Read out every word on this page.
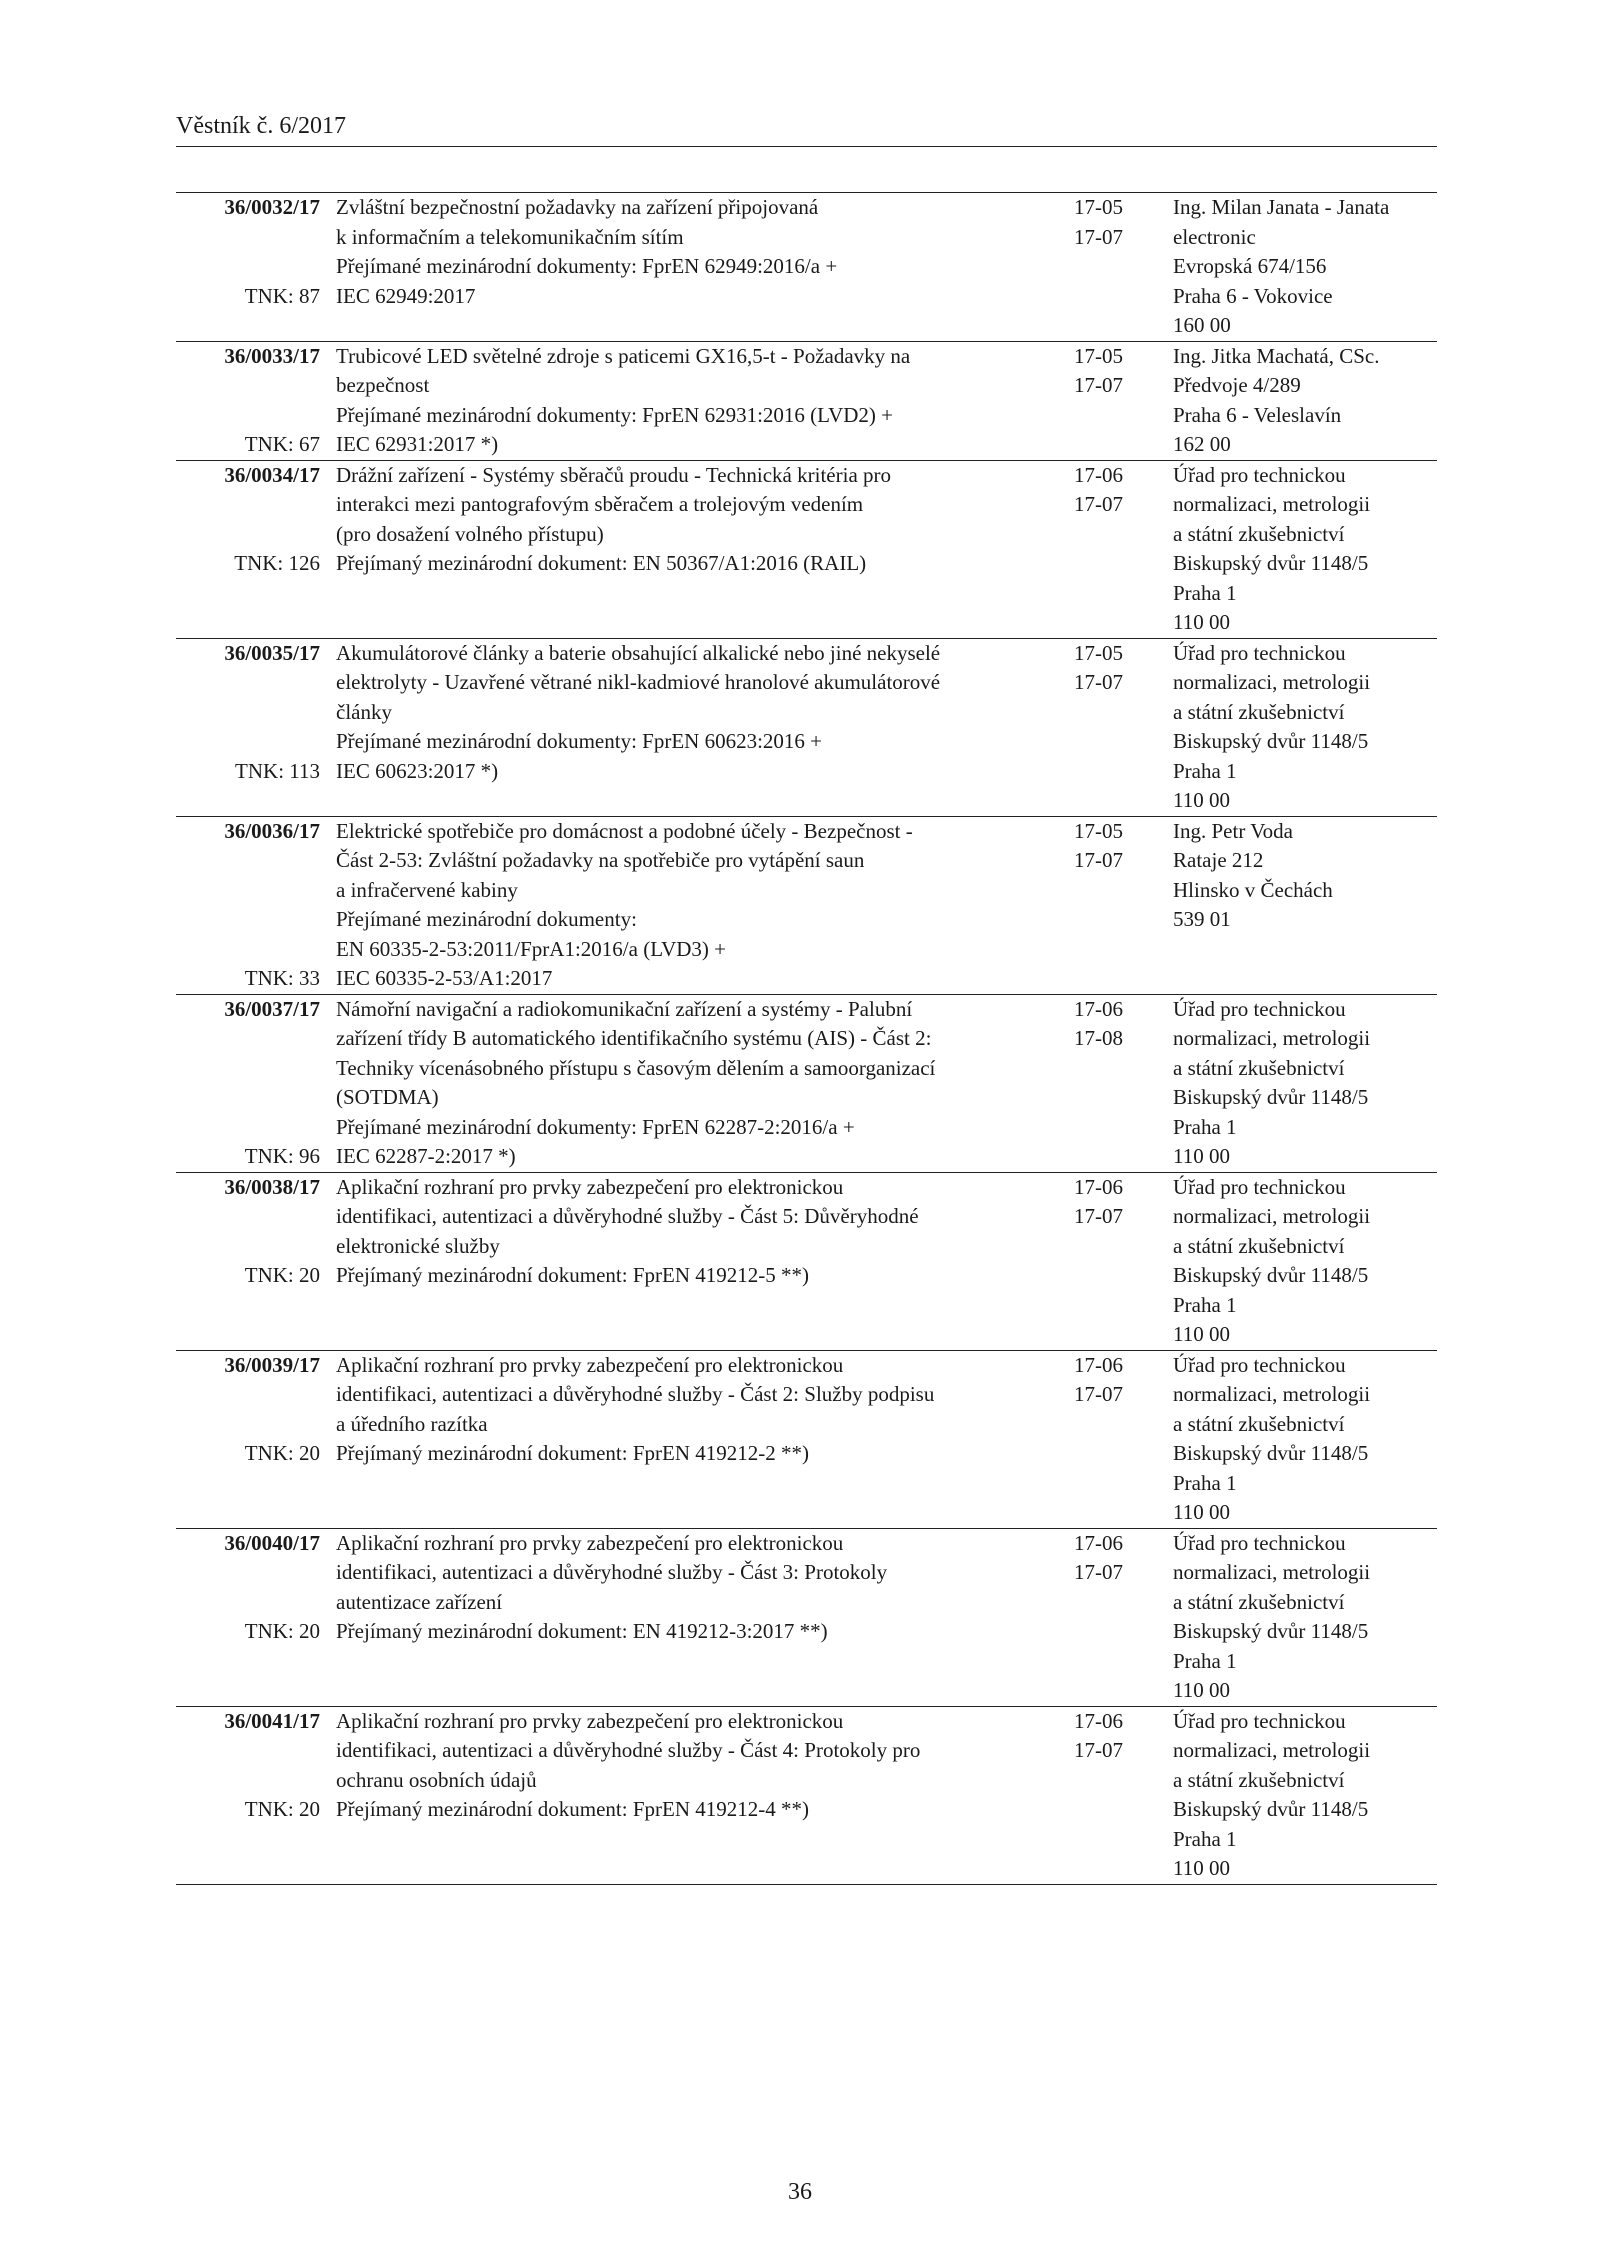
Věstník č. 6/2017
36/0032/17
TNK: 87
Zvláštní bezpečnostní požadavky na zařízení připojovaná
k informačním a telekomunikačním sítím
Přejímané mezinárodní dokumenty: FprEN 62949:2016/a +
IEC 62949:2017
17-05
17-07
Ing. Milan Janata - Janata
electronic
Evropská 674/156
Praha 6 - Vokovice
160 00
36/0033/17
TNK: 67
Trubicové LED světelné zdroje s paticemi GX16,5-t - Požadavky na
bezpečnost
Přejímané mezinárodní dokumenty: FprEN 62931:2016 (LVD2) +
IEC 62931:2017 *)
17-05
17-07
Ing. Jitka Machatá, CSc.
Předvoje 4/289
Praha 6 - Veleslavín
162 00
36/0034/17
TNK: 126
Drážní zařízení - Systémy sběračů proudu - Technická kritéria pro
interakci mezi pantografovým sběračem a trolejovým vedením
(pro dosažení volného přístupu)
Přejímaný mezinárodní dokument: EN 50367/A1:2016 (RAIL)
17-06
17-07
Úřad pro technickou
normalizaci, metrologii
a státní zkušebnictví
Biskupský dvůr 1148/5
Praha 1
110 00
36/0035/17
TNK: 113
Akumulátorové články a baterie obsahující alkalické nebo jiné nekyselé
elektrolyty - Uzavřené větrané nikl-kadmiové hranolové akumulátorové
články
Přejímané mezinárodní dokumenty: FprEN 60623:2016 +
IEC 60623:2017 *)
17-05
17-07
Úřad pro technickou
normalizaci, metrologii
a státní zkušebnictví
Biskupský dvůr 1148/5
Praha 1
110 00
36/0036/17
TNK: 33
Elektrické spotřebiče pro domácnost a podobné účely - Bezpečnost -
Část 2-53: Zvláštní požadavky na spotřebiče pro vytápění saun
a infračervené kabiny
Přejímané mezinárodní dokumenty:
EN 60335-2-53:2011/FprA1:2016/a (LVD3) +
IEC 60335-2-53/A1:2017
17-05
17-07
Ing. Petr Voda
Rataje 212
Hlinsko v Čechách
539 01
36/0037/17
TNK: 96
Námořní navigační a radiokomunikační zařízení a systémy - Palubní
zařízení třídy B automatického identifikačního systému (AIS) - Část 2:
Techniky vícenásobného přístupu s časovým dělením a samoorganizací
(SOTDMA)
Přejímané mezinárodní dokumenty: FprEN 62287-2:2016/a +
IEC 62287-2:2017 *)
17-06
17-08
Úřad pro technickou
normalizaci, metrologii
a státní zkušebnictví
Biskupský dvůr 1148/5
Praha 1
110 00
36/0038/17
TNK: 20
Aplikační rozhraní pro prvky zabezpečení pro elektronickou
identifikaci, autentizaci a důvěryhodné služby - Část 5: Důvěryhodné
elektronické služby
Přejímaný mezinárodní dokument: FprEN 419212-5 **)
17-06
17-07
Úřad pro technickou
normalizaci, metrologii
a státní zkušebnictví
Biskupský dvůr 1148/5
Praha 1
110 00
36/0039/17
TNK: 20
Aplikační rozhraní pro prvky zabezpečení pro elektronickou
identifikaci, autentizaci a důvěryhodné služby - Část 2: Služby podpisu
a úředního razítka
Přejímaný mezinárodní dokument: FprEN 419212-2 **)
17-06
17-07
Úřad pro technickou
normalizaci, metrologii
a státní zkušebnictví
Biskupský dvůr 1148/5
Praha 1
110 00
36/0040/17
TNK: 20
Aplikační rozhraní pro prvky zabezpečení pro elektronickou
identifikaci, autentizaci a důvěryhodné služby - Část 3: Protokoly
autentizace zařízení
Přejímaný mezinárodní dokument: EN 419212-3:2017 **)
17-06
17-07
Úřad pro technickou
normalizaci, metrologii
a státní zkušebnictví
Biskupský dvůr 1148/5
Praha 1
110 00
36/0041/17
TNK: 20
Aplikační rozhraní pro prvky zabezpečení pro elektronickou
identifikaci, autentizaci a důvěryhodné služby - Část 4: Protokoly pro
ochranu osobních údajů
Přejímaný mezinárodní dokument: FprEN 419212-4 **)
17-06
17-07
Úřad pro technickou
normalizaci, metrologii
a státní zkušebnictví
Biskupský dvůr 1148/5
Praha 1
110 00
36
